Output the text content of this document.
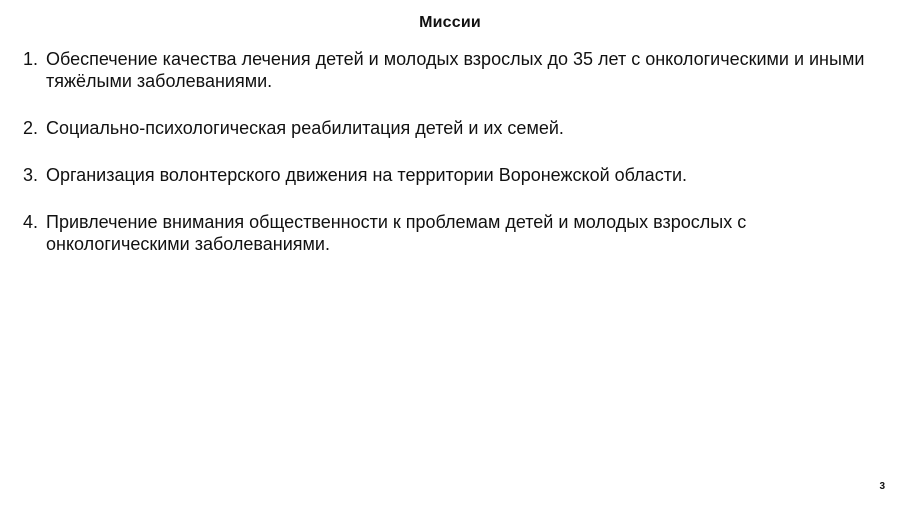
Миссии
1. Обеспечение качества лечения детей и молодых взрослых до 35 лет с онкологическими и иными тяжёлыми заболеваниями.
2. Социально-психологическая реабилитация детей и их семей.
3. Организация волонтерского движения на территории Воронежской области.
4. Привлечение внимания общественности к проблемам детей и молодых взрослых с онкологическими заболеваниями.
3
